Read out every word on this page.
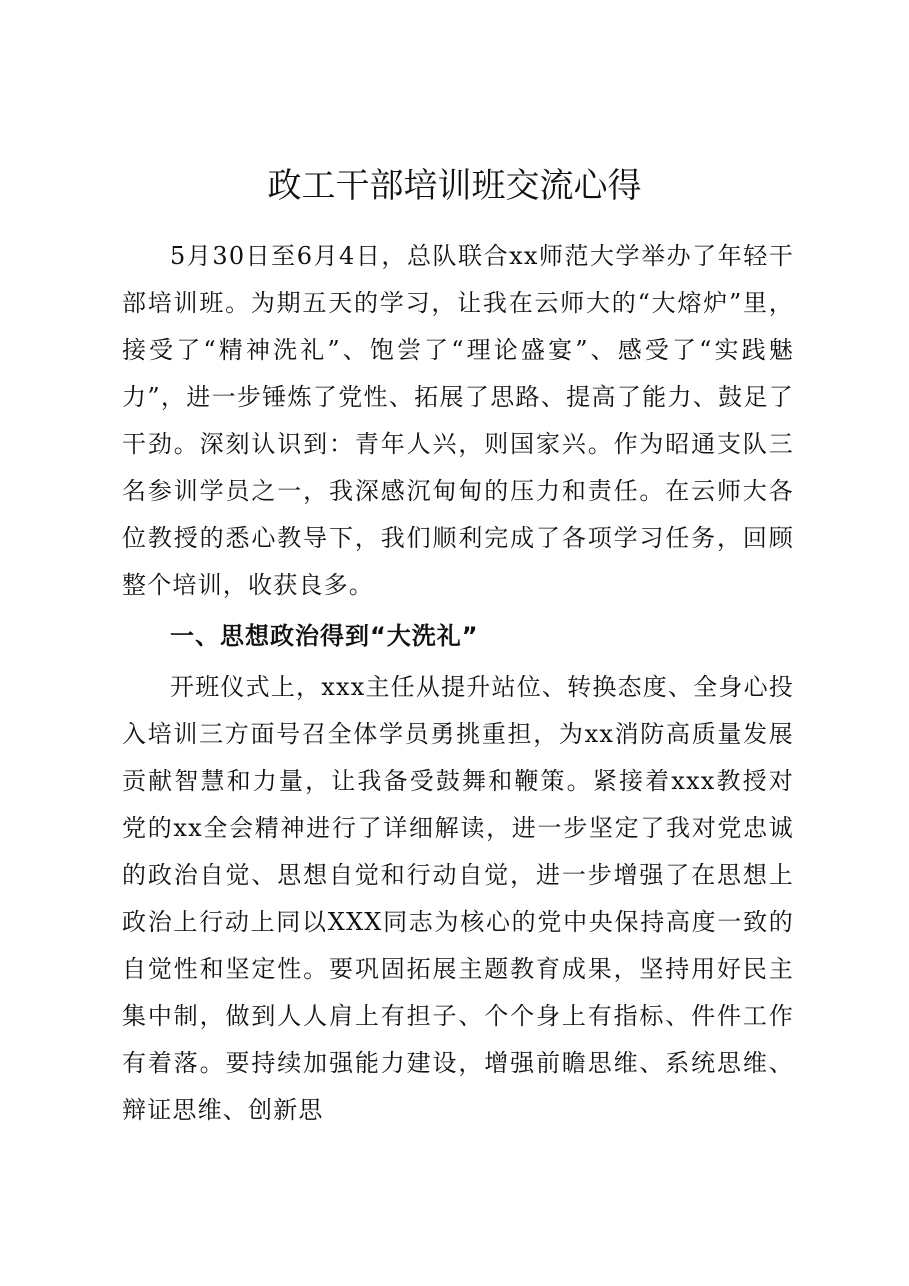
政工干部培训班交流心得

5月30日至6月4日，总队联合xx师范大学举办了年轻干部培训班。为期五天的学习，让我在云师大的“大熔炉”里，接受了“精神洗礼”、饱尝了“理论盛宴”、感受了“实践魅力”，进一步锤炼了党性、拓展了思路、提高了能力、鼓足了干劲。深刻认识到：青年人兴，则国家兴。作为昭通支队三名参训学员之一，我深感沉甸甸的压力和责任。在云师大各位教授的悉心教导下，我们顺利完成了各项学习任务，回顾整个培训，收获良多。

一、思想政治得到“大洗礼”

开班仪式上，xxx主任从提升站位、转换态度、全身心投入培训三方面号召全体学员勇挑重担，为xx消防高质量发展贡献智慧和力量，让我备受鼓舞和鞭策。紧接着xxx教授对党的xx全会精神进行了详细解读，进一步坚定了我对党忠诚的政治自觉、思想自觉和行动自觉，进一步增强了在思想上政治上行动上同以XXX同志为核心的党中央保持高度一致的自觉性和坚定性。要巩固拓展主题教育成果，坚持用好民主集中制，做到人人肩上有担子、个个身上有指标、件件工作有着落。要持续加强能力建设，增强前瞻思维、系统思维、辩证思维、创新思
